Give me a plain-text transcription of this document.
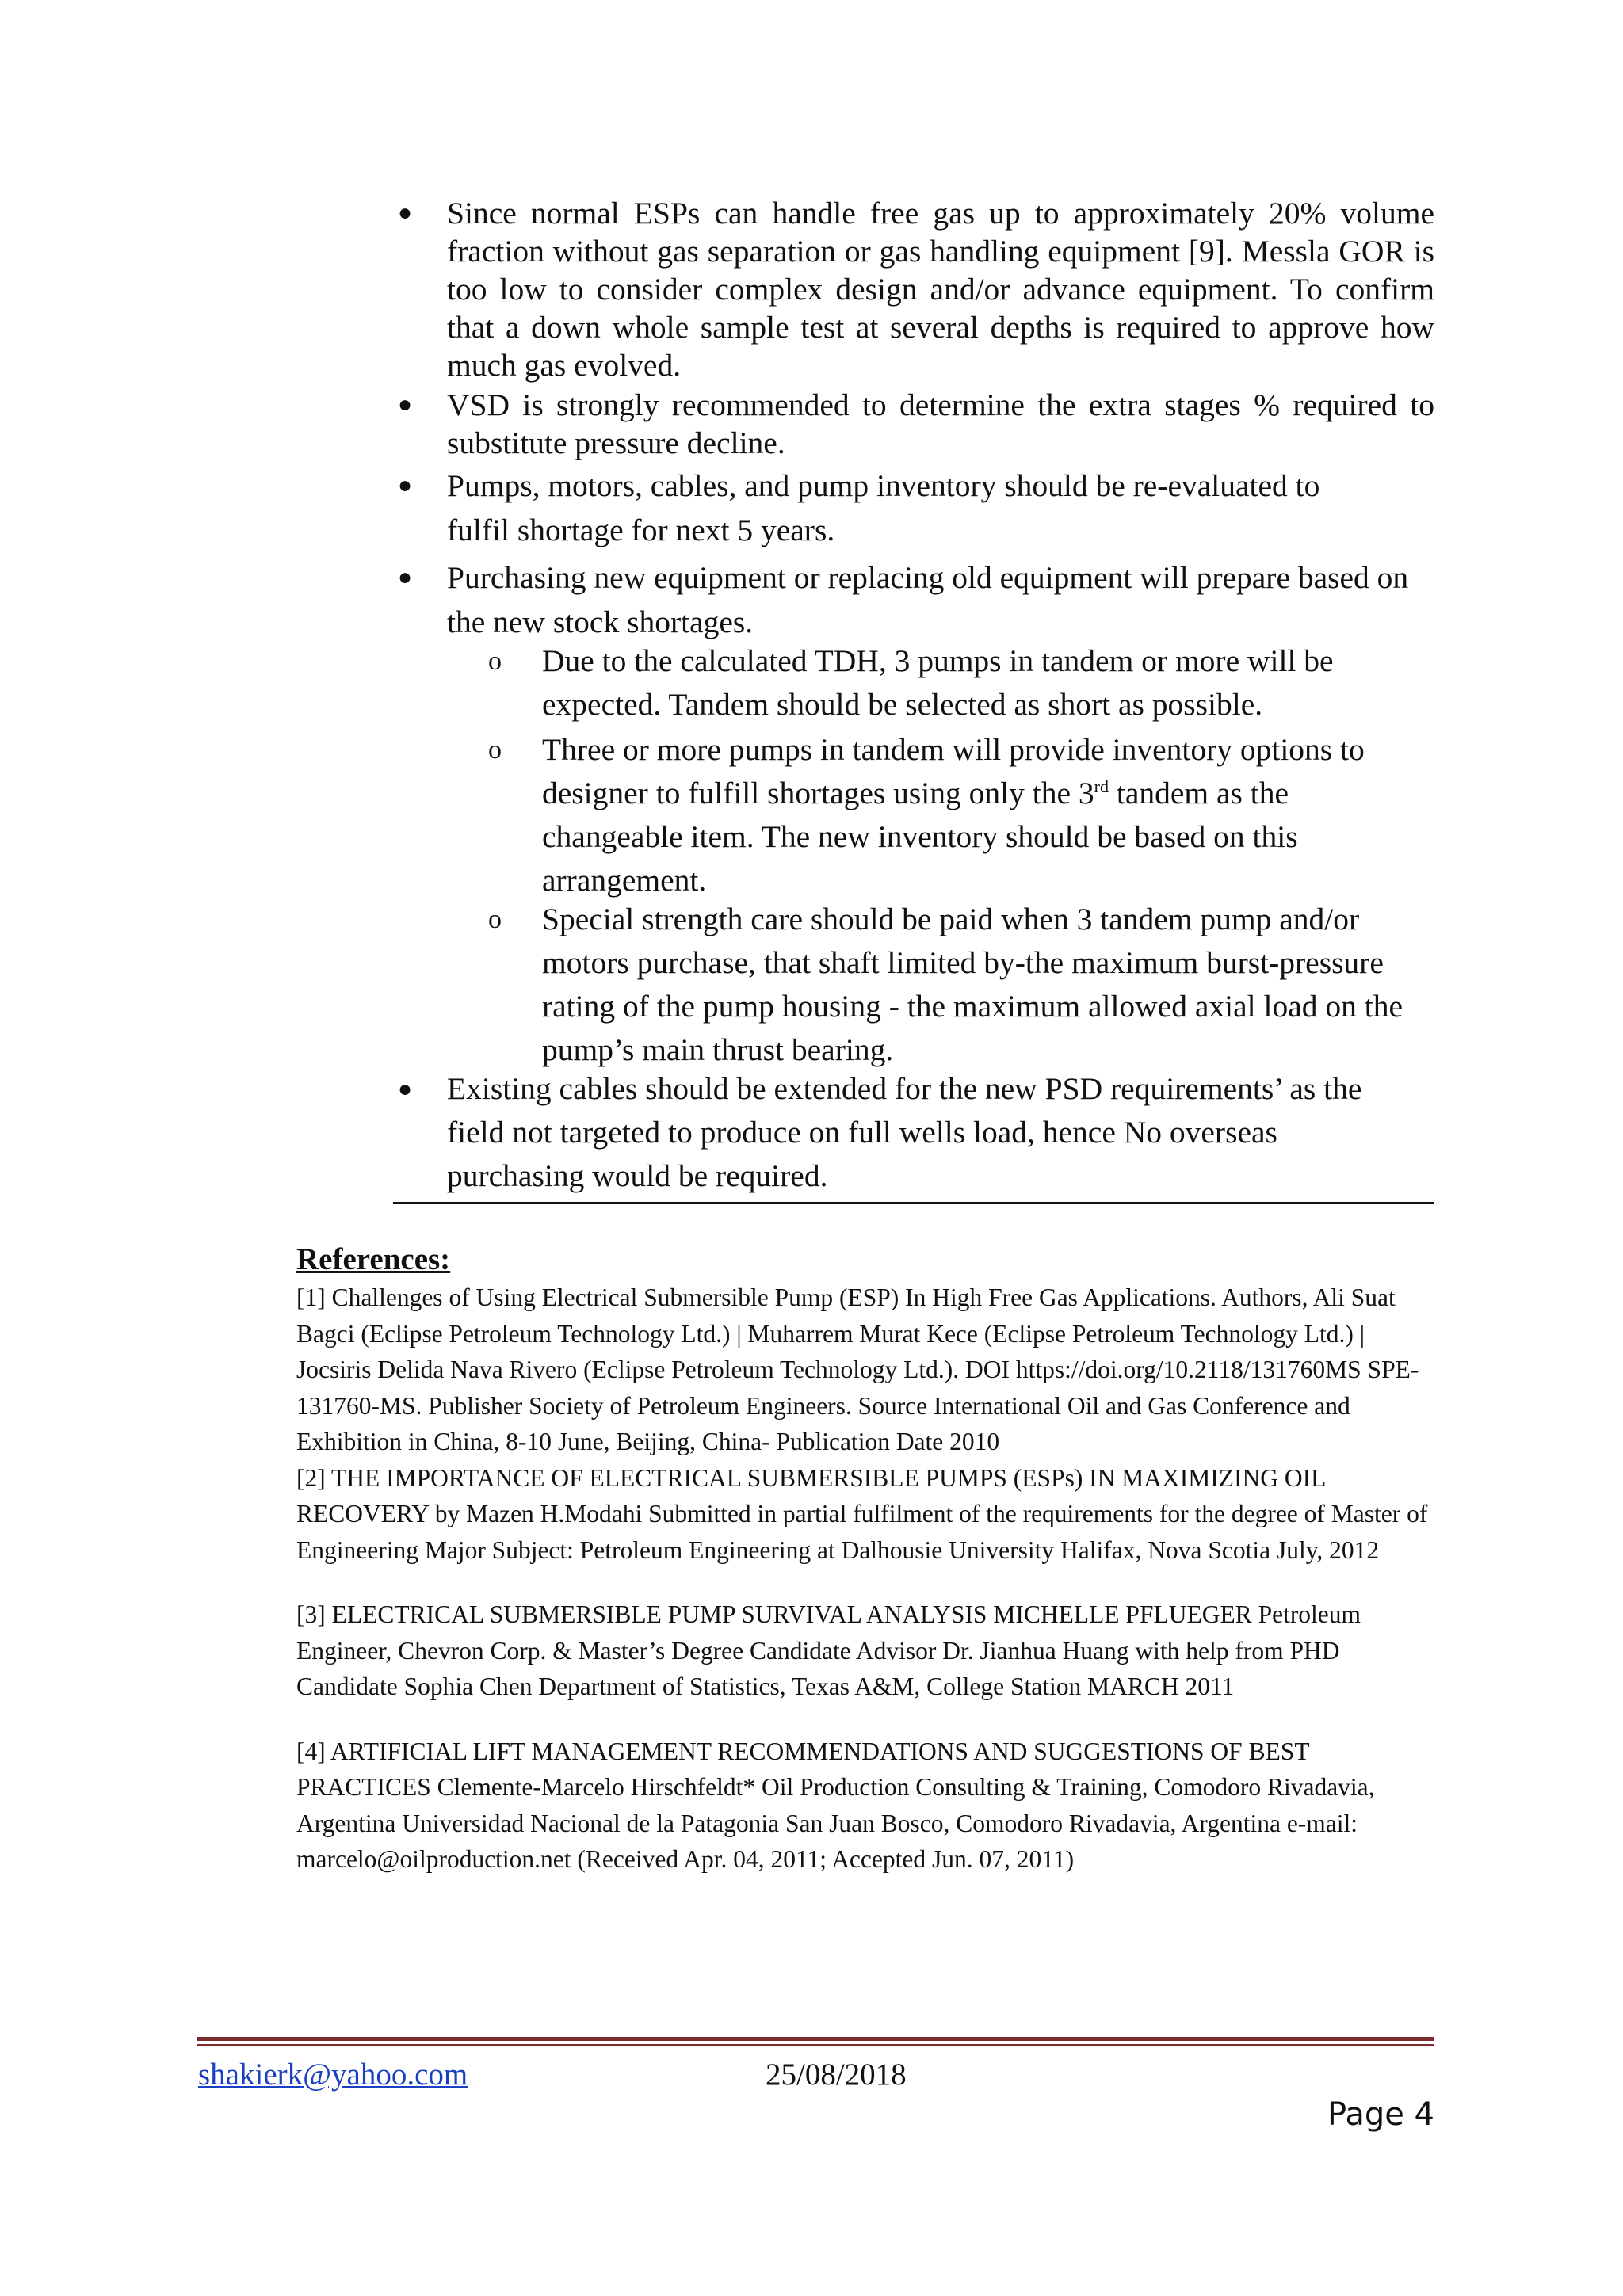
● Since normal ESPs can handle free gas up to approximately 20% volume fraction without gas separation or gas handling equipment [9]. Messla GOR is too low to consider complex design and/or advance equipment. To confirm that a down whole sample test at several depths is required to approve how much gas evolved.
● VSD is strongly recommended to determine the extra stages % required to substitute pressure decline.
● Pumps, motors, cables, and pump inventory should be re-evaluated to fulfil shortage for next 5 years.
● Purchasing new equipment or replacing old equipment will prepare based on the new stock shortages.
o Due to the calculated TDH, 3 pumps in tandem or more will be expected. Tandem should be selected as short as possible.
o Three or more pumps in tandem will provide inventory options to designer to fulfill shortages using only the 3rd tandem as the changeable item. The new inventory should be based on this arrangement.
o Special strength care should be paid when 3 tandem pump and/or motors purchase, that shaft limited by-the maximum burst-pressure rating of the pump housing - the maximum allowed axial load on the pump’s main thrust bearing.
● Existing cables should be extended for the new PSD requirements’ as the field not targeted to produce on full wells load, hence No overseas purchasing would be required.
References:
[1] Challenges of Using Electrical Submersible Pump (ESP) In High Free Gas Applications. Authors, Ali Suat Bagci (Eclipse Petroleum Technology Ltd.) | Muharrem Murat Kece (Eclipse Petroleum Technology Ltd.) | Jocsiris Delida Nava Rivero (Eclipse Petroleum Technology Ltd.). DOI https://doi.org/10.2118/131760MS SPE-131760-MS. Publisher Society of Petroleum Engineers. Source International Oil and Gas Conference and Exhibition in China, 8-10 June, Beijing, China- Publication Date 2010
[2] THE IMPORTANCE OF ELECTRICAL SUBMERSIBLE PUMPS (ESPs) IN MAXIMIZING OIL RECOVERY by Mazen H.Modahi Submitted in partial fulfilment of the requirements for the degree of Master of Engineering Major Subject: Petroleum Engineering at Dalhousie University Halifax, Nova Scotia July, 2012
[3] ELECTRICAL SUBMERSIBLE PUMP SURVIVAL ANALYSIS MICHELLE PFLUEGER Petroleum Engineer, Chevron Corp. & Master’s Degree Candidate Advisor Dr. Jianhua Huang with help from PHD Candidate Sophia Chen Department of Statistics, Texas A&M, College Station MARCH 2011
[4] ARTIFICIAL LIFT MANAGEMENT RECOMMENDATIONS AND SUGGESTIONS OF BEST PRACTICES Clemente-Marcelo Hirschfeldt* Oil Production Consulting & Training, Comodoro Rivadavia, Argentina Universidad Nacional de la Patagonia San Juan Bosco, Comodoro Rivadavia, Argentina e-mail: marcelo@oilproduction.net (Received Apr. 04, 2011; Accepted Jun. 07, 2011)
shakierk@yahoo.com	25/08/2018
Page 4
